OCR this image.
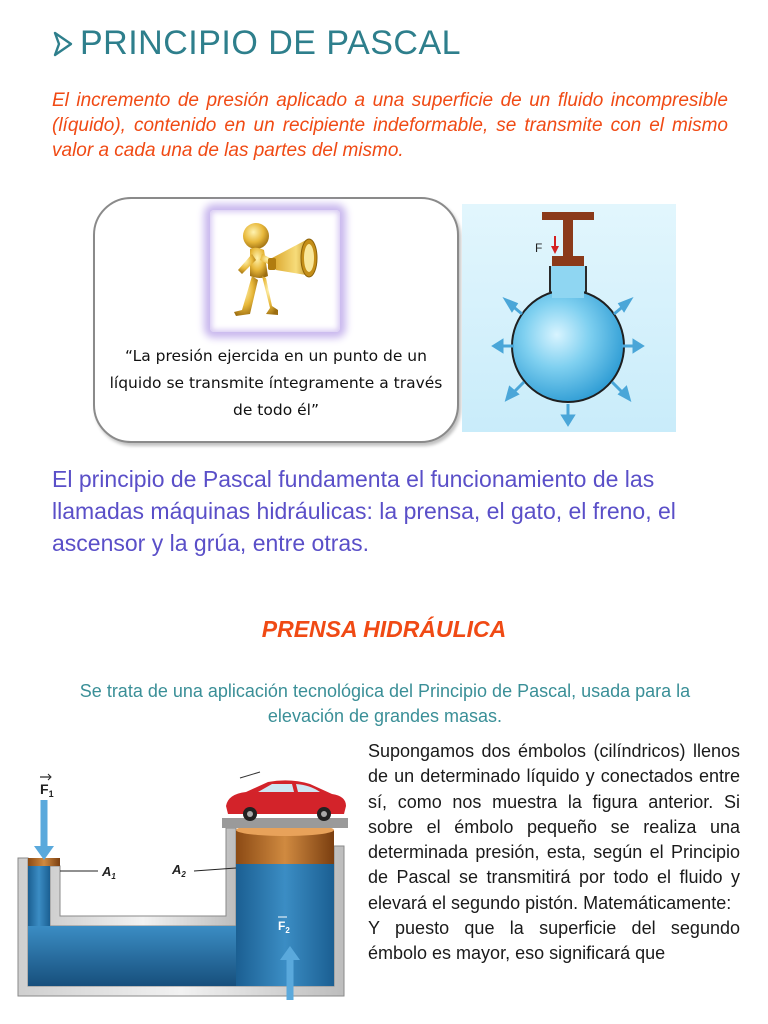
PRINCIPIO DE PASCAL

El incremento de presión aplicado a una superficie de un fluido incompresible (líquido), contenido en un recipiente indeformable, se transmite con el mismo valor a cada una de las partes del mismo.

“La presión ejercida en un punto de un líquido se transmite íntegramente a través de todo él”

F

El principio de Pascal fundamenta el funcionamiento de las llamadas máquinas hidráulicas: la prensa, el gato, el freno, el ascensor y la grúa, entre otras.

PRENSA HIDRÁULICA

Se trata de una aplicación tecnológica del Principio de Pascal, usada para la elevación de grandes masas.

$F_1$
$A_1$	$A_2$
$F_2$
Supongamos dos émbolos (cilíndricos) llenos de un determinado líquido y conectados entre sí, como nos muestra la figura anterior. Si sobre el émbolo pequeño se realiza una determinada presión, esta, según el Principio de Pascal se transmitirá por todo el fluido y elevará el segundo pistón. Matemáticamente:
Y puesto que la superficie del segundo émbolo es mayor, eso significará que
